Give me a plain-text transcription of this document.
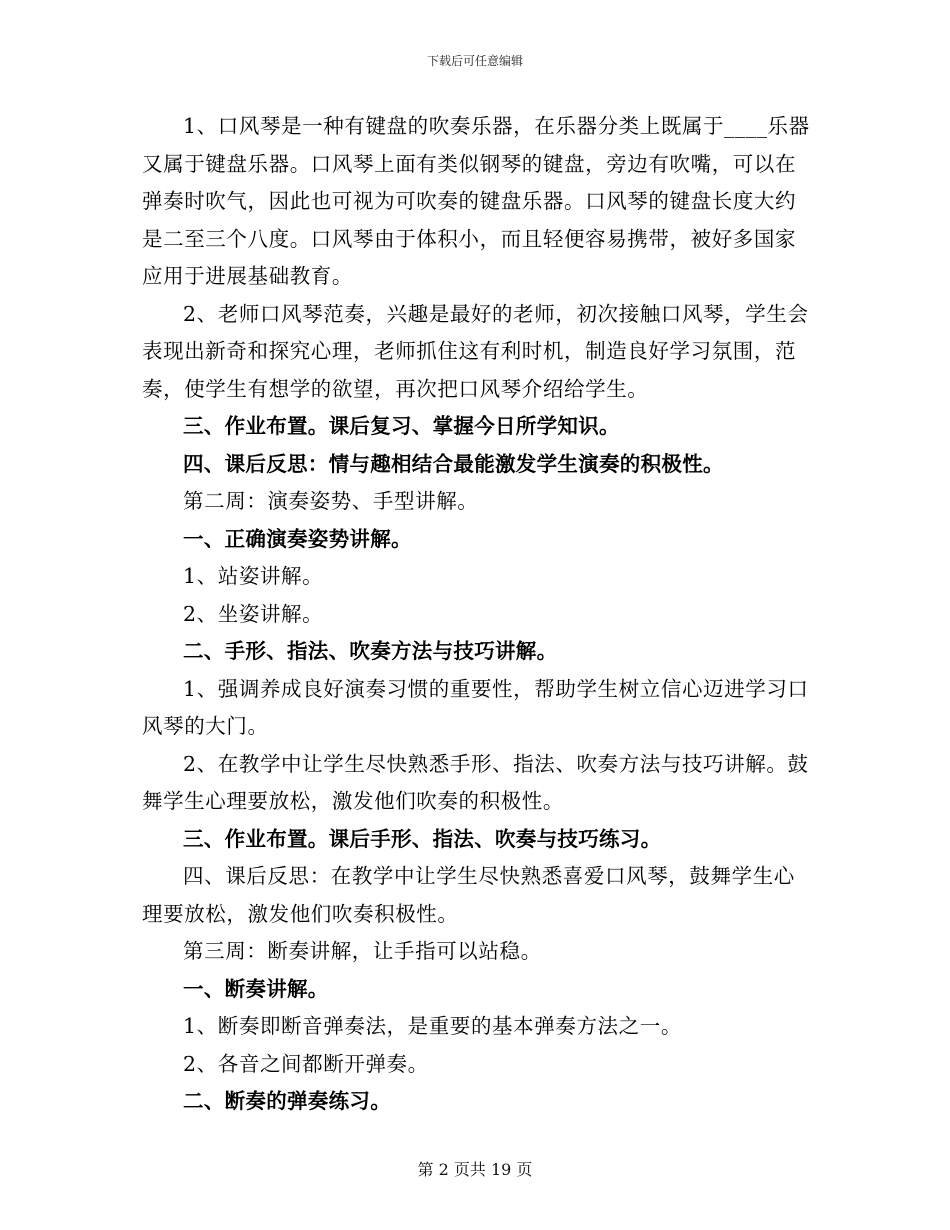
下载后可任意编辑

1、口风琴是一种有键盘的吹奏乐器，在乐器分类上既属于____乐器又属于键盘乐器。口风琴上面有类似钢琴的键盘，旁边有吹嘴，可以在弹奏时吹气，因此也可视为可吹奏的键盘乐器。口风琴的键盘长度大约是二至三个八度。口风琴由于体积小，而且轻便容易携带，被好多国家应用于进展基础教育。

2、老师口风琴范奏，兴趣是最好的老师，初次接触口风琴，学生会表现出新奇和探究心理，老师抓住这有利时机，制造良好学习氛围，范奏，使学生有想学的欲望，再次把口风琴介绍给学生。

三、作业布置。课后复习、掌握今日所学知识。

四、课后反思：情与趣相结合最能激发学生演奏的积极性。

第二周：演奏姿势、手型讲解。

一、正确演奏姿势讲解。

1、站姿讲解。

2、坐姿讲解。

二、手形、指法、吹奏方法与技巧讲解。

1、强调养成良好演奏习惯的重要性，帮助学生树立信心迈进学习口风琴的大门。

2、在教学中让学生尽快熟悉手形、指法、吹奏方法与技巧讲解。鼓舞学生心理要放松，激发他们吹奏的积极性。

三、作业布置。课后手形、指法、吹奏与技巧练习。

四、课后反思：在教学中让学生尽快熟悉喜爱口风琴，鼓舞学生心理要放松，激发他们吹奏积极性。

第三周：断奏讲解，让手指可以站稳。

一、断奏讲解。

1、断奏即断音弹奏法，是重要的基本弹奏方法之一。

2、各音之间都断开弹奏。

二、断奏的弹奏练习。

第 2 页共 19 页
